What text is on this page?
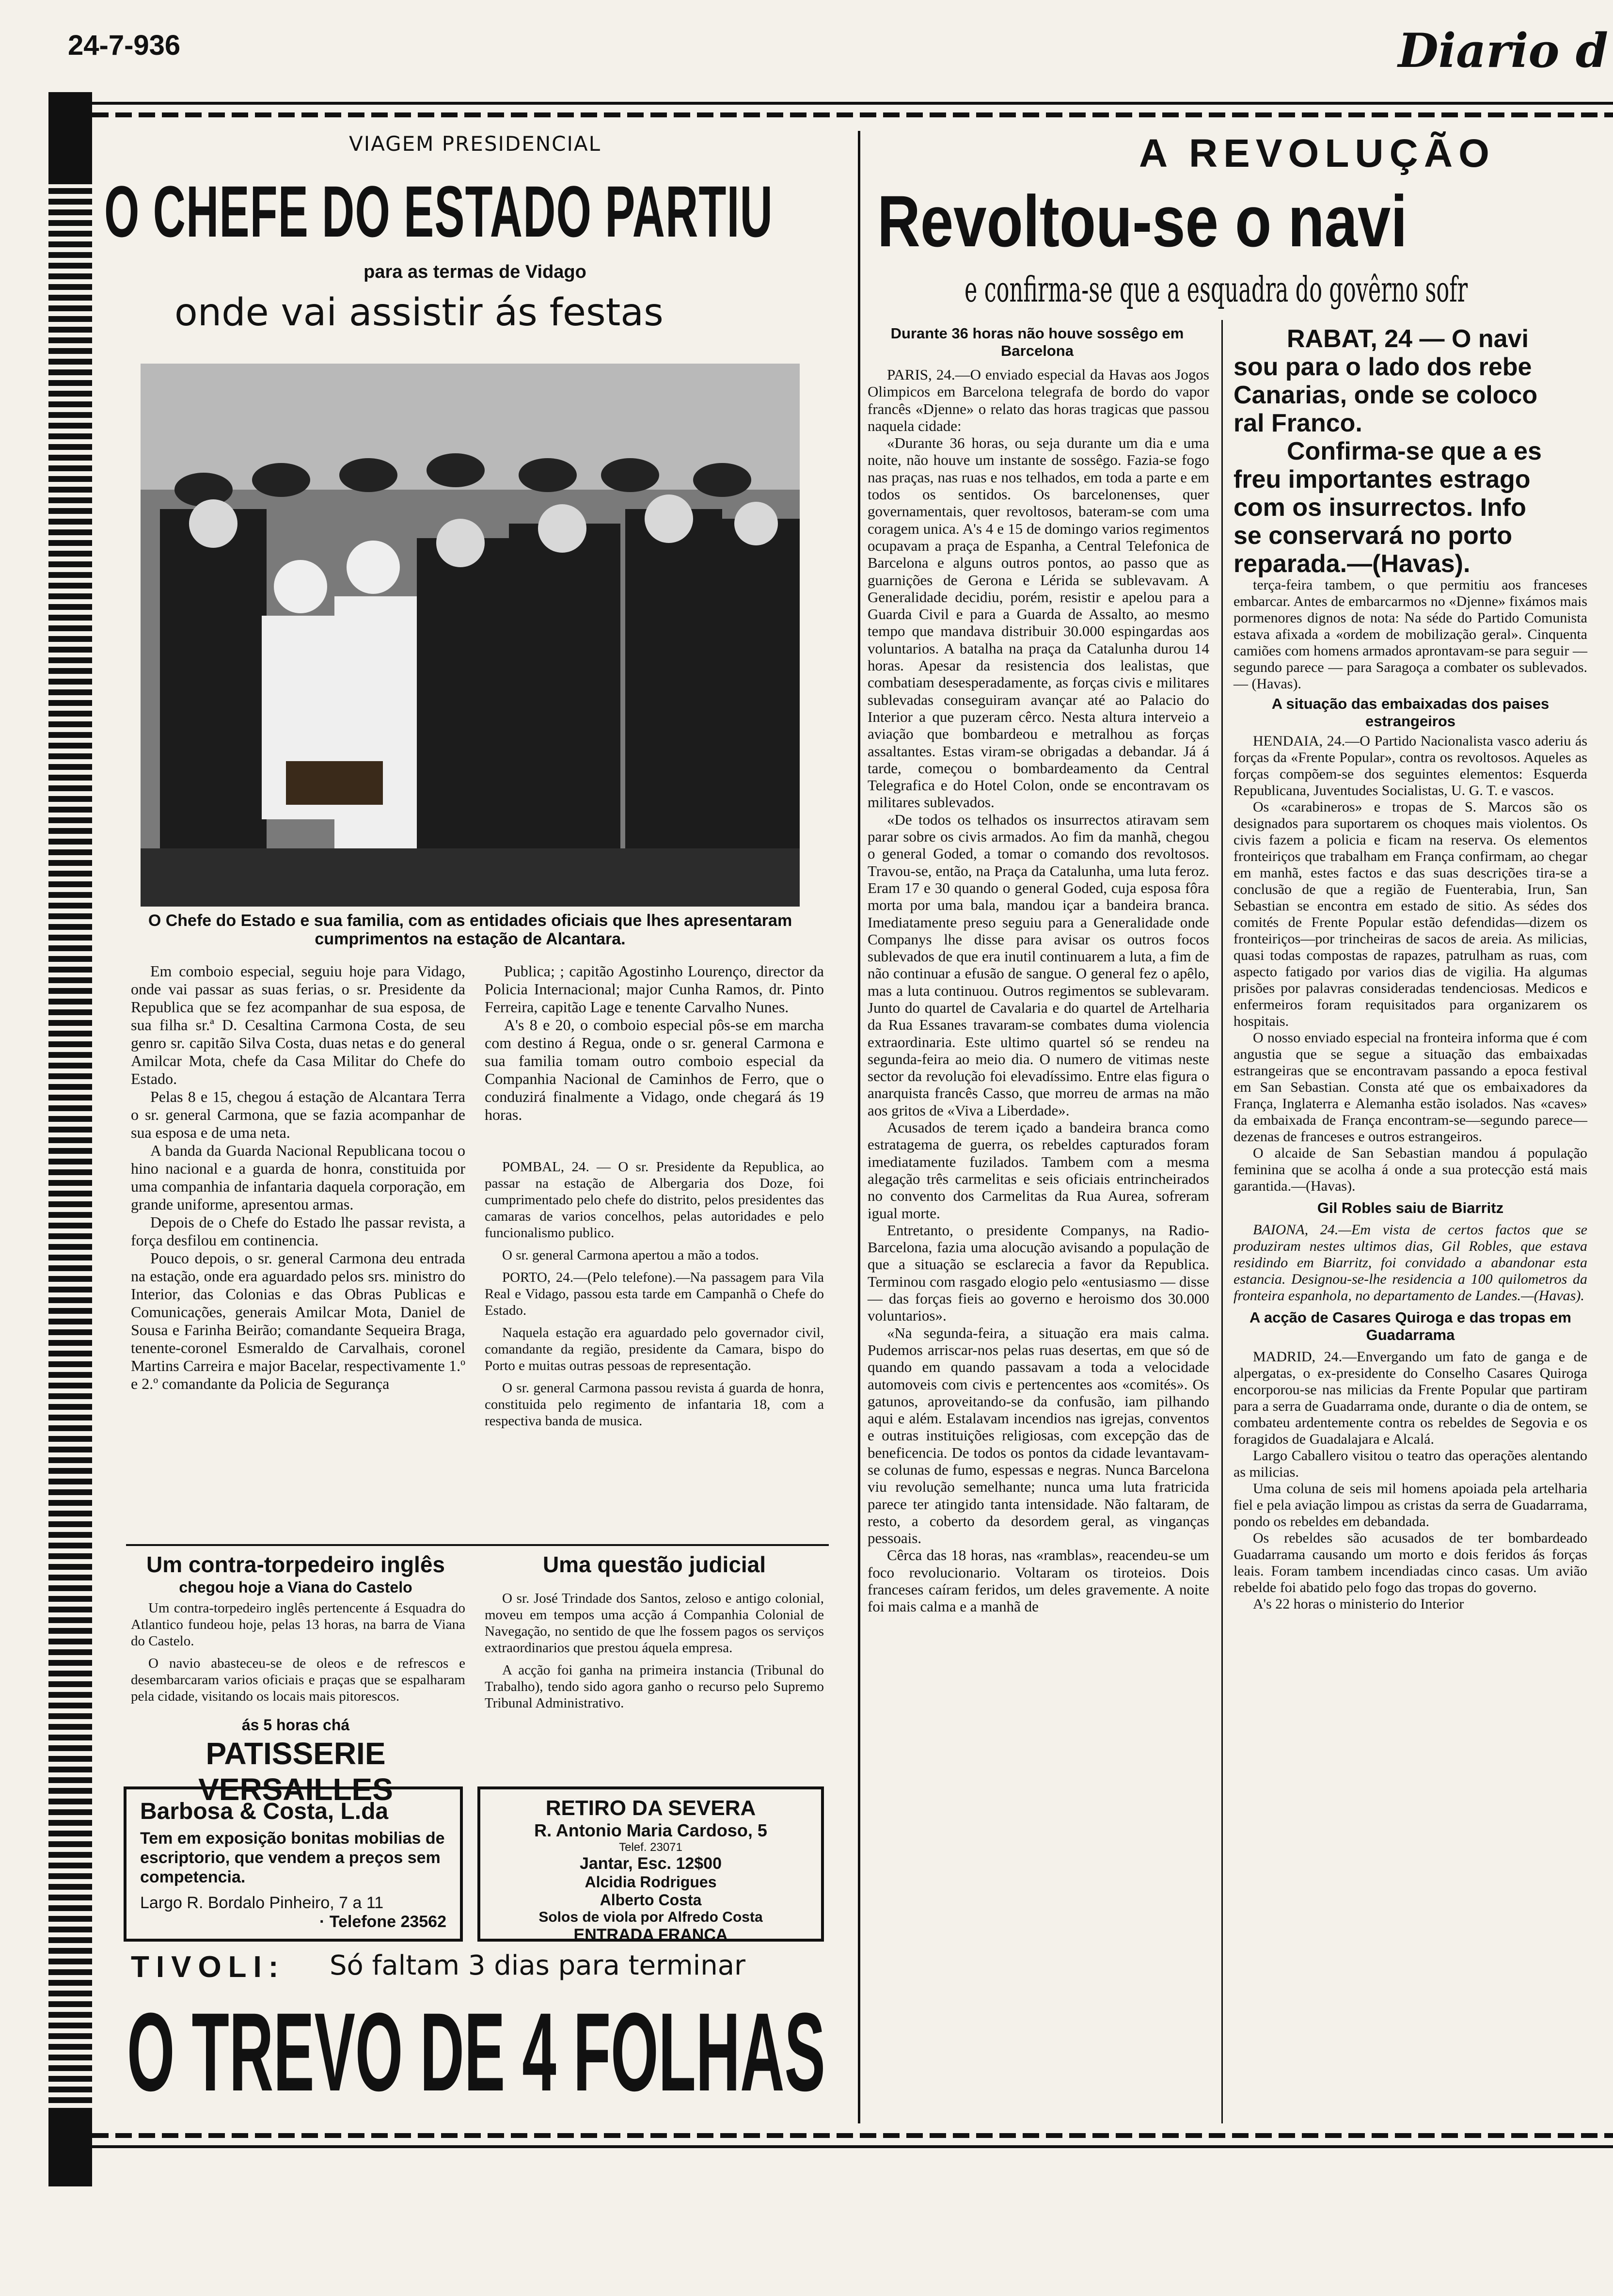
24-7-936	Diario d
VIAGEM PRESIDENCIAL
O CHEFE DO ESTADO PARTIU
para as termas de Vidago
onde vai assistir ás festas
O Chefe do Estado e sua familia, com as entidades oficiais que lhes apresentaram cumprimentos na estação de Alcantara.

Em comboio especial, seguiu hoje para Vidago, onde vai passar as suas ferias, o sr. Presidente da Republica que se fez acompanhar de sua esposa, de sua filha sr.ª D. Cesaltina Carmona Costa, de seu genro sr. capitão Silva Costa, duas netas e do general Amilcar Mota, chefe da Casa Militar do Chefe do Estado.

Pelas 8 e 15, chegou á estação de Alcantara Terra o sr. general Carmona, que se fazia acompanhar de sua esposa e de uma neta.

A banda da Guarda Nacional Republicana tocou o hino nacional e a guarda de honra, constituida por uma companhia de infantaria daquela corporação, em grande uniforme, apresentou armas.

Depois de o Chefe do Estado lhe passar revista, a força desfilou em continencia.

Pouco depois, o sr. general Carmona deu entrada na estação, onde era aguardado pelos srs. ministro do Interior, das Colonias e das Obras Publicas e Comunicações, generais Amilcar Mota, Daniel de Sousa e Farinha Beirão; comandante Sequeira Braga, tenente-coronel Esmeraldo de Carvalhais, coronel Martins Carreira e major Bacelar, respectivamente 1.º e 2.º comandante da Policia de Segurança

Publica; ; capitão Agostinho Lourenço, director da Policia Internacional; major Cunha Ramos, dr. Pinto Ferreira, capitão Lage e tenente Carvalho Nunes.

A's 8 e 20, o comboio especial pôs-se em marcha com destino á Regua, onde o sr. general Carmona e sua familia tomam outro comboio especial da Companhia Nacional de Caminhos de Ferro, que o conduzirá finalmente a Vidago, onde chegará ás 19 horas.

POMBAL, 24. — O sr. Presidente da Republica, ao passar na estação de Albergaria dos Doze, foi cumprimentado pelo chefe do distrito, pelos presidentes das camaras de varios concelhos, pelas autoridades e pelo funcionalismo publico.

O sr. general Carmona apertou a mão a todos.

PORTO, 24.—(Pelo telefone).—Na passagem para Vila Real e Vidago, passou esta tarde em Campanhã o Chefe do Estado.

Naquela estação era aguardado pelo governador civil, comandante da região, presidente da Camara, bispo do Porto e muitas outras pessoas de representação.

O sr. general Carmona passou revista á guarda de honra, constituida pelo regimento de infantaria 18, com a respectiva banda de musica.

Um contra-torpedeiro inglês
chegou hoje a Viana do Castelo

Um contra-torpedeiro inglês pertencente á Esquadra do Atlantico fundeou hoje, pelas 13 horas, na barra de Viana do Castelo.

O navio abasteceu-se de oleos e de refrescos e desembarcaram varios oficiais e praças que se espalharam pela cidade, visitando os locais mais pitorescos.

Uma questão judicial

O sr. José Trindade dos Santos, zeloso e antigo colonial, moveu em tempos uma acção á Companhia Colonial de Navegação, no sentido de que lhe fossem pagos os serviços extraordinarios que prestou áquela empresa.

A acção foi ganha na primeira instancia (Tribunal do Trabalho), tendo sido agora ganho o recurso pelo Supremo Tribunal Administrativo.

ás 5 horas chá
PATISSERIE VERSAILLES
Barbosa & Costa, L.da
Tem em exposição bonitas mobilias de escriptorio, que vendem a preços sem competencia.
Largo R. Bordalo Pinheiro, 7 a 11
· Telefone 23562
RETIRO DA SEVERA
R. Antonio Maria Cardoso, 5
Telef. 23071
Jantar, Esc. 12$00
Alcidia Rodrigues
Alberto Costa
Solos de viola por Alfredo Costa
ENTRADA FRANCA
TIVOLI: Só faltam 3 dias para terminar
O TREVO DE 4 FOLHAS
A REVOLUÇÃO
Revoltou-se o navi
e confirma-se que a esquadra do govêrno sofr
Durante 36 horas não houve sossêgo em Barcelona	RABAT, 24 — O navi
sou para o lado dos rebe
Canarias, onde se coloco
ral Franco.
Confirma-se que a es
freu importantes estrago
com os insurrectos. Info
se conservará no porto
reparada.—(Havas).

PARIS, 24.—O enviado especial da Havas aos Jogos Olimpicos em Barcelona telegrafa de bordo do vapor francês «Djenne» o relato das horas tragicas que passou naquela cidade:

«Durante 36 horas, ou seja durante um dia e uma noite, não houve um instante de sossêgo. Fazia-se fogo nas praças, nas ruas e nos telhados, em toda a parte e em todos os sentidos. Os barcelonenses, quer governamentais, quer revoltosos, bateram-se com uma coragem unica. A's 4 e 15 de domingo varios regimentos ocupavam a praça de Espanha, a Central Telefonica de Barcelona e alguns outros pontos, ao passo que as guarnições de Gerona e Lérida se sublevavam. A Generalidade decidiu, porém, resistir e apelou para a Guarda Civil e para a Guarda de Assalto, ao mesmo tempo que mandava distribuir 30.000 espingardas aos voluntarios. A batalha na praça da Catalunha durou 14 horas. Apesar da resistencia dos lealistas, que combatiam desesperadamente, as forças civis e militares sublevadas conseguiram avançar até ao Palacio do Interior a que puzeram cêrco. Nesta altura interveio a aviação que bombardeou e metralhou as forças assaltantes. Estas viram-se obrigadas a debandar. Já á tarde, começou o bombardeamento da Central Telegrafica e do Hotel Colon, onde se encontravam os militares sublevados.

«De todos os telhados os insurrectos atiravam sem parar sobre os civis armados. Ao fim da manhã, chegou o general Goded, a tomar o comando dos revoltosos. Travou-se, então, na Praça da Catalunha, uma luta feroz. Eram 17 e 30 quando o general Goded, cuja esposa fôra morta por uma bala, mandou içar a bandeira branca. Imediatamente preso seguiu para a Generalidade onde Companys lhe disse para avisar os outros focos sublevados de que era inutil continuarem a luta, a fim de não continuar a efusão de sangue. O general fez o apêlo, mas a luta continuou. Outros regimentos se sublevaram. Junto do quartel de Cavalaria e do quartel de Artelharia da Rua Essanes travaram-se combates duma violencia extraordinaria. Este ultimo quartel só se rendeu na segunda-feira ao meio dia. O numero de vitimas neste sector da revolução foi elevadíssimo. Entre elas figura o anarquista francês Casso, que morreu de armas na mão aos gritos de «Viva a Liberdade».

Acusados de terem içado a bandeira branca como estratagema de guerra, os rebeldes capturados foram imediatamente fuzilados. Tambem com a mesma alegação três carmelitas e seis oficiais entrincheirados no convento dos Carmelitas da Rua Aurea, sofreram igual morte.

Entretanto, o presidente Companys, na Radio-Barcelona, fazia uma alocução avisando a população de que a situação se esclarecia a favor da Republica. Terminou com rasgado elogio pelo «entusiasmo — disse — das forças fieis ao governo e heroismo dos 30.000 voluntarios».

«Na segunda-feira, a situação era mais calma. Pudemos arriscar-nos pelas ruas desertas, em que só de quando em quando passavam a toda a velocidade automoveis com civis e pertencentes aos «comités». Os gatunos, aproveitando-se da confusão, iam pilhando aqui e além. Estalavam incendios nas igrejas, conventos e outras instituições religiosas, com excepção das de beneficencia. De todos os pontos da cidade levantavam-se colunas de fumo, espessas e negras. Nunca Barcelona viu revolução semelhante; nunca uma luta fratricida parece ter atingido tanta intensidade. Não faltaram, de resto, a coberto da desordem geral, as vinganças pessoais.

Cêrca das 18 horas, nas «ramblas», reacendeu-se um foco revolucionario. Voltaram os tiroteios. Dois franceses caíram feridos, um deles gravemente. A noite foi mais calma e a manhã de

terça-feira tambem, o que permitiu aos franceses embarcar. Antes de embarcarmos no «Djenne» fixámos mais pormenores dignos de nota: Na séde do Partido Comunista estava afixada a «ordem de mobilização geral». Cinquenta camiões com homens armados aprontavam-se para seguir — segundo parece — para Saragoça a combater os sublevados. — (Havas).

A situação das embaixadas dos paises estrangeiros

HENDAIA, 24.—O Partido Nacionalista vasco aderiu ás forças da «Frente Popular», contra os revoltosos. Aqueles as forças compõem-se dos seguintes elementos: Esquerda Republicana, Juventudes Socialistas, U. G. T. e vascos.

Os «carabineros» e tropas de S. Marcos são os designados para suportarem os choques mais violentos. Os civis fazem a policia e ficam na reserva. Os elementos fronteiriços que trabalham em França confirmam, ao chegar em manhã, estes factos e das suas descrições tira-se a conclusão de que a região de Fuenterabia, Irun, San Sebastian se encontra em estado de sitio. As sédes dos comités de Frente Popular estão defendidas—dizem os fronteiriços—por trincheiras de sacos de areia. As milicias, quasi todas compostas de rapazes, patrulham as ruas, com aspecto fatigado por varios dias de vigilia. Ha algumas prisões por palavras consideradas tendenciosas. Medicos e enfermeiros foram requisitados para organizarem os hospitais.

O nosso enviado especial na fronteira informa que é com angustia que se segue a situação das embaixadas estrangeiras que se encontravam passando a epoca festival em San Sebastian. Consta até que os embaixadores da França, Inglaterra e Alemanha estão isolados. Nas «caves» da embaixada de França encontram-se—segundo parece—dezenas de franceses e outros estrangeiros.

O alcaide de San Sebastian mandou á população feminina que se acolha á onde a sua protecção está mais garantida.—(Havas).

Gil Robles saiu de Biarritz

BAIONA, 24.—Em vista de certos factos que se produziram nestes ultimos dias, Gil Robles, que estava residindo em Biarritz, foi convidado a abandonar esta estancia. Designou-se-lhe residencia a 100 quilometros da fronteira espanhola, no departamento de Landes.—(Havas).

A acção de Casares Quiroga e das tropas em Guadarrama

MADRID, 24.—Envergando um fato de ganga e de alpergatas, o ex-presidente do Conselho Casares Quiroga encorporou-se nas milicias da Frente Popular que partiram para a serra de Guadarrama onde, durante o dia de ontem, se combateu ardentemente contra os rebeldes de Segovia e os foragidos de Guadalajara e Alcalá.

Largo Caballero visitou o teatro das operações alentando as milicias.

Uma coluna de seis mil homens apoiada pela artelharia fiel e pela aviação limpou as cristas da serra de Guadarrama, pondo os rebeldes em debandada.

Os rebeldes são acusados de ter bombardeado Guadarrama causando um morto e dois feridos ás forças leais. Foram tambem incendiadas cinco casas. Um avião rebelde foi abatido pelo fogo das tropas do governo.

A's 22 horas o ministerio do Interior
